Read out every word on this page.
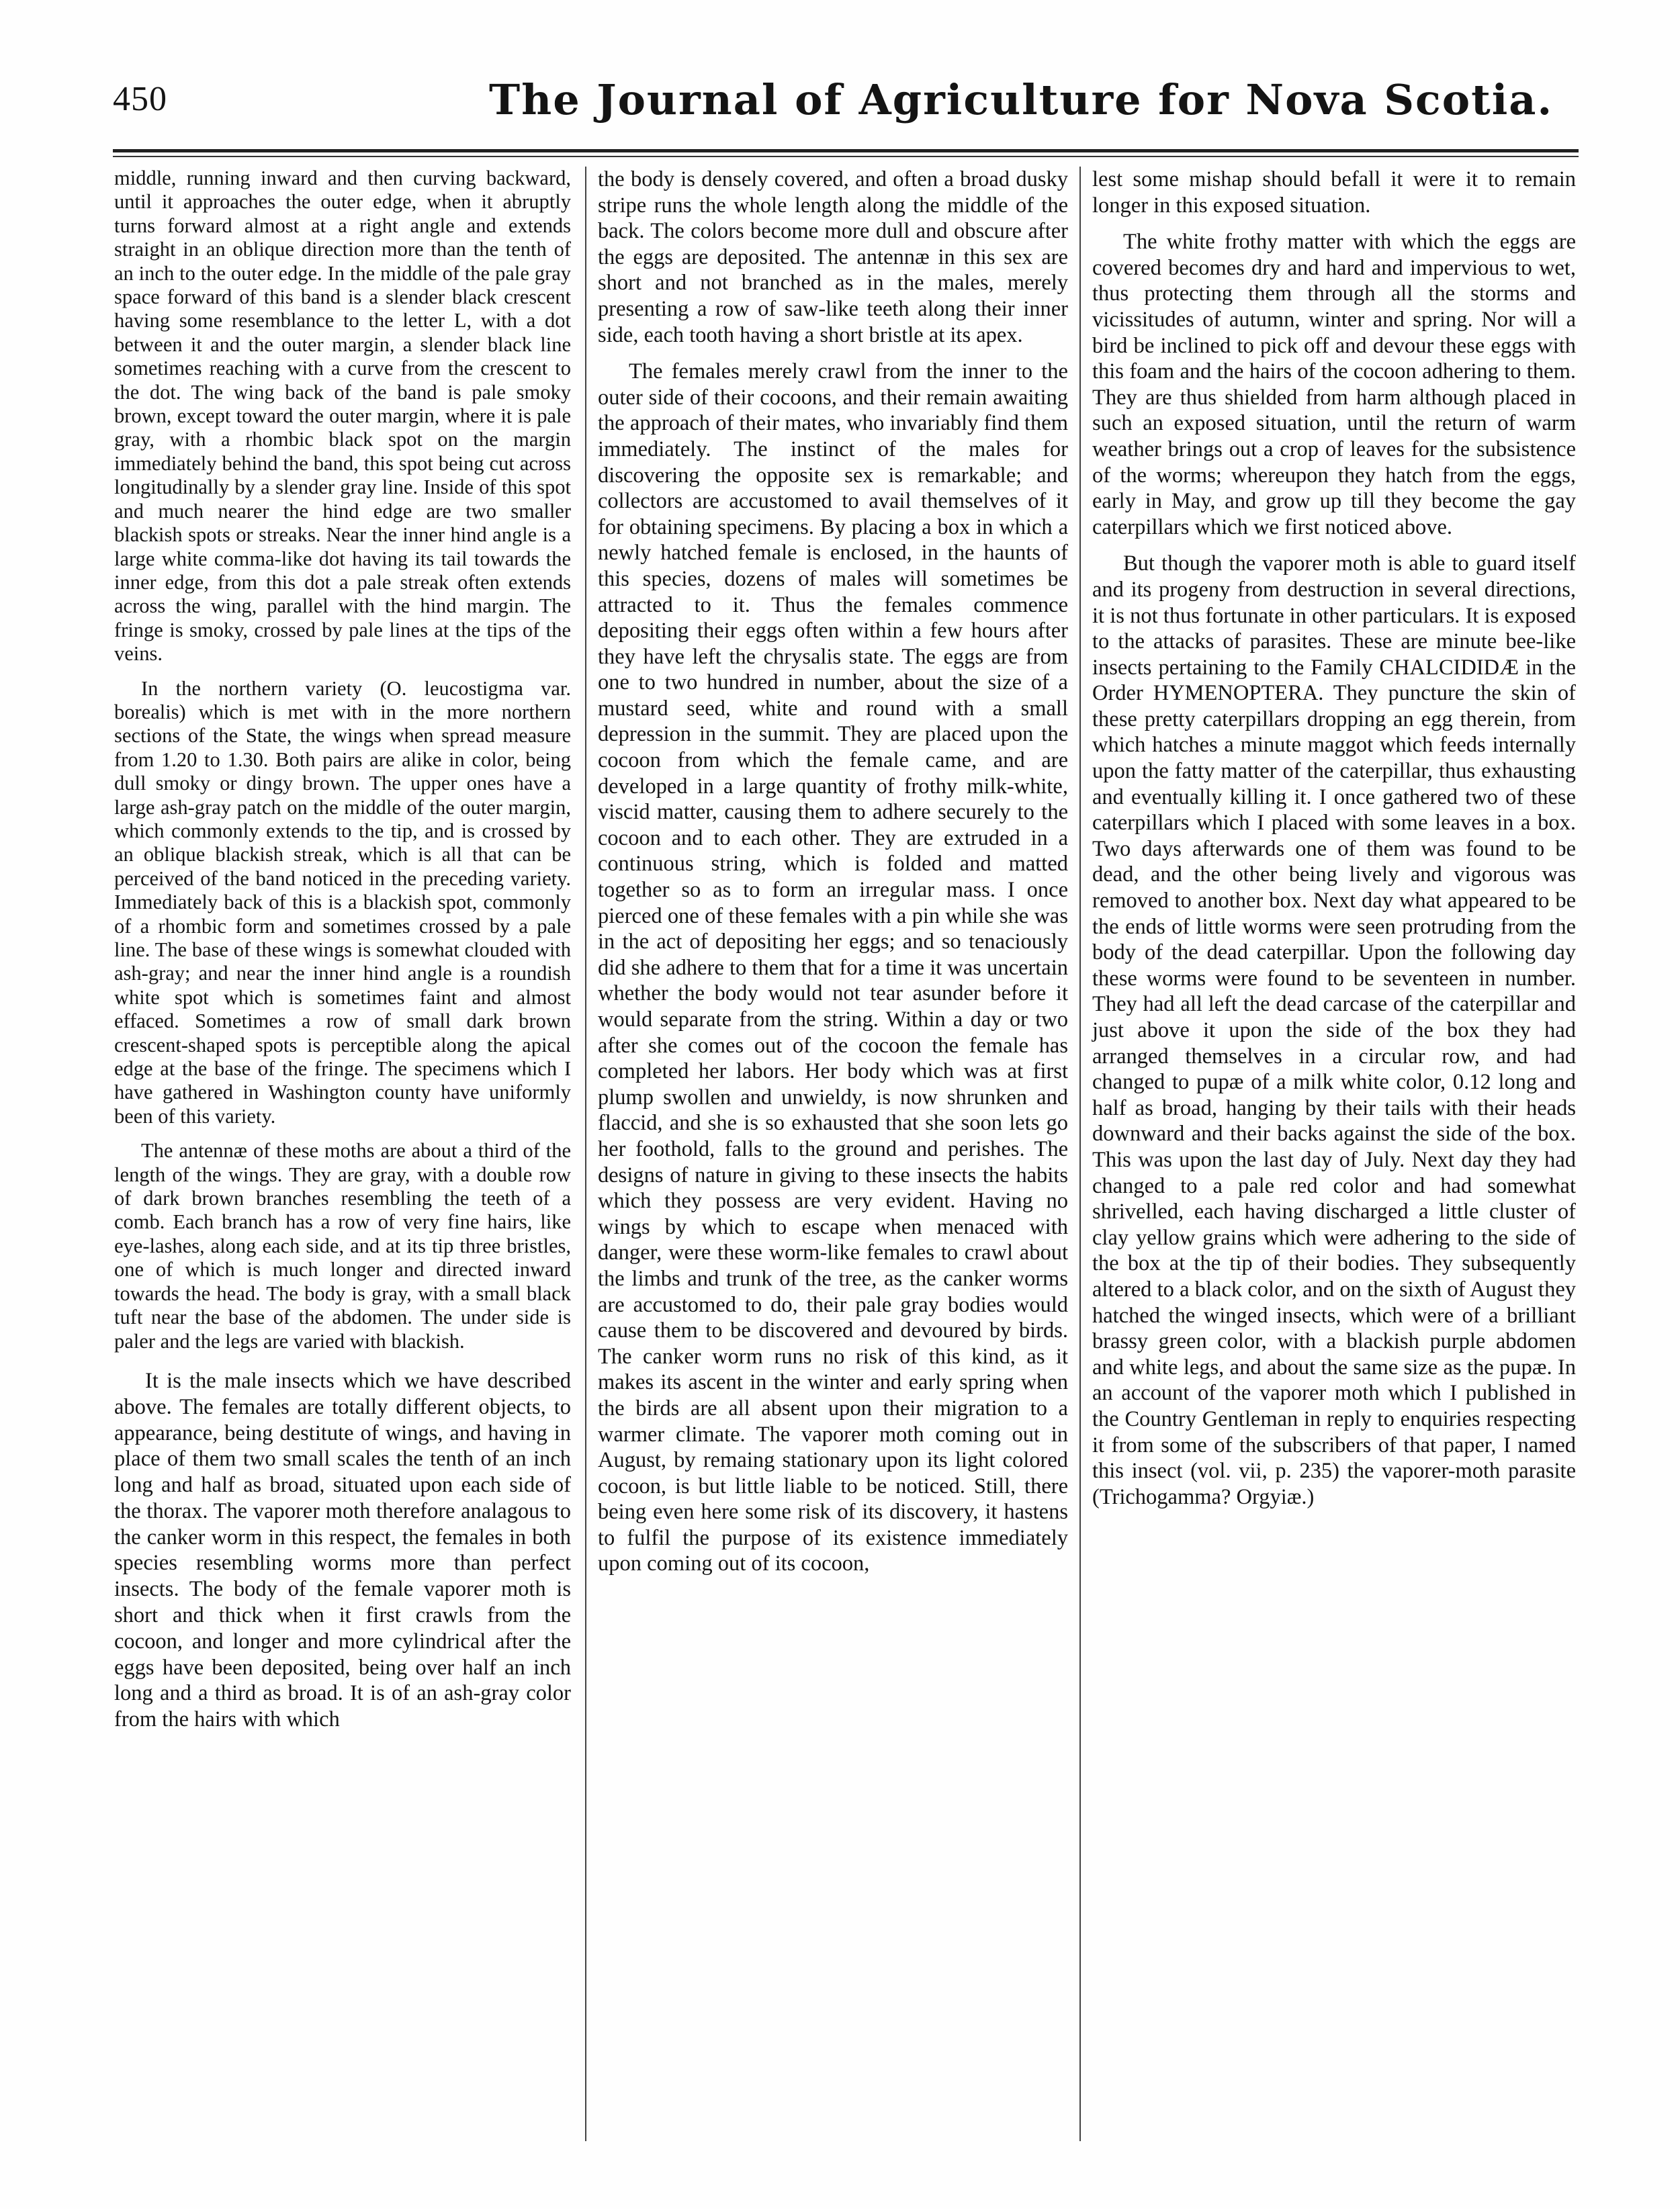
450	The Journal of Agriculture for Nova Scotia.

middle, running inward and then curving backward, until it approaches the outer edge, when it abruptly turns forward almost at a right angle and extends straight in an oblique direction more than the tenth of an inch to the outer edge. In the middle of the pale gray space forward of this band is a slender black crescent having some resemblance to the letter L, with a dot between it and the outer margin, a slender black line sometimes reaching with a curve from the crescent to the dot. The wing back of the band is pale smoky brown, except toward the outer margin, where it is pale gray, with a rhombic black spot on the margin immediately behind the band, this spot being cut across longitudinally by a slender gray line. Inside of this spot and much nearer the hind edge are two smaller blackish spots or streaks. Near the inner hind angle is a large white comma-like dot having its tail towards the inner edge, from this dot a pale streak often extends across the wing, parallel with the hind margin. The fringe is smoky, crossed by pale lines at the tips of the veins.

In the northern variety (O. leucostigma var. borealis) which is met with in the more northern sections of the State, the wings when spread measure from 1.20 to 1.30. Both pairs are alike in color, being dull smoky or dingy brown. The upper ones have a large ash-gray patch on the middle of the outer margin, which commonly extends to the tip, and is crossed by an oblique blackish streak, which is all that can be perceived of the band noticed in the preceding variety. Immediately back of this is a blackish spot, commonly of a rhombic form and sometimes crossed by a pale line. The base of these wings is somewhat clouded with ash-gray; and near the inner hind angle is a roundish white spot which is sometimes faint and almost effaced. Sometimes a row of small dark brown crescent-shaped spots is perceptible along the apical edge at the base of the fringe. The specimens which I have gathered in Washington county have uniformly been of this variety.

The antennæ of these moths are about a third of the length of the wings. They are gray, with a double row of dark brown branches resembling the teeth of a comb. Each branch has a row of very fine hairs, like eye-lashes, along each side, and at its tip three bristles, one of which is much longer and directed inward towards the head. The body is gray, with a small black tuft near the base of the abdomen. The under side is paler and the legs are varied with blackish.

It is the male insects which we have described above. The females are totally different objects, to appearance, being destitute of wings, and having in place of them two small scales the tenth of an inch long and half as broad, situated upon each side of the thorax. The vaporer moth therefore analagous to the canker worm in this respect, the females in both species resembling worms more than perfect insects. The body of the female vaporer moth is short and thick when it first crawls from the cocoon, and longer and more cylindrical after the eggs have been deposited, being over half an inch long and a third as broad. It is of an ash-gray color from the hairs with which

the body is densely covered, and often a broad dusky stripe runs the whole length along the middle of the back. The colors become more dull and obscure after the eggs are deposited. The antennæ in this sex are short and not branched as in the males, merely presenting a row of saw-like teeth along their inner side, each tooth having a short bristle at its apex.

The females merely crawl from the inner to the outer side of their cocoons, and their remain awaiting the approach of their mates, who invariably find them immediately. The instinct of the males for discovering the opposite sex is remarkable; and collectors are accustomed to avail themselves of it for obtaining specimens. By placing a box in which a newly hatched female is enclosed, in the haunts of this species, dozens of males will sometimes be attracted to it. Thus the females commence depositing their eggs often within a few hours after they have left the chrysalis state. The eggs are from one to two hundred in number, about the size of a mustard seed, white and round with a small depression in the summit. They are placed upon the cocoon from which the female came, and are developed in a large quantity of frothy milk-white, viscid matter, causing them to adhere securely to the cocoon and to each other. They are extruded in a continuous string, which is folded and matted together so as to form an irregular mass. I once pierced one of these females with a pin while she was in the act of depositing her eggs; and so tenaciously did she adhere to them that for a time it was uncertain whether the body would not tear asunder before it would separate from the string. Within a day or two after she comes out of the cocoon the female has completed her labors. Her body which was at first plump swollen and unwieldy, is now shrunken and flaccid, and she is so exhausted that she soon lets go her foothold, falls to the ground and perishes. The designs of nature in giving to these insects the habits which they possess are very evident. Having no wings by which to escape when menaced with danger, were these worm-like females to crawl about the limbs and trunk of the tree, as the canker worms are accustomed to do, their pale gray bodies would cause them to be discovered and devoured by birds. The canker worm runs no risk of this kind, as it makes its ascent in the winter and early spring when the birds are all absent upon their migration to a warmer climate. The vaporer moth coming out in August, by remaing stationary upon its light colored cocoon, is but little liable to be noticed. Still, there being even here some risk of its discovery, it hastens to fulfil the purpose of its existence immediately upon coming out of its cocoon,

lest some mishap should befall it were it to remain longer in this exposed situation.

The white frothy matter with which the eggs are covered becomes dry and hard and impervious to wet, thus protecting them through all the storms and vicissitudes of autumn, winter and spring. Nor will a bird be inclined to pick off and devour these eggs with this foam and the hairs of the cocoon adhering to them. They are thus shielded from harm although placed in such an exposed situation, until the return of warm weather brings out a crop of leaves for the subsistence of the worms; whereupon they hatch from the eggs, early in May, and grow up till they become the gay caterpillars which we first noticed above.

But though the vaporer moth is able to guard itself and its progeny from destruction in several directions, it is not thus fortunate in other particulars. It is exposed to the attacks of parasites. These are minute bee-like insects pertaining to the Family CHALCIDIDÆ in the Order HYMENOPTERA. They puncture the skin of these pretty caterpillars dropping an egg therein, from which hatches a minute maggot which feeds internally upon the fatty matter of the caterpillar, thus exhausting and eventually killing it. I once gathered two of these caterpillars which I placed with some leaves in a box. Two days afterwards one of them was found to be dead, and the other being lively and vigorous was removed to another box. Next day what appeared to be the ends of little worms were seen protruding from the body of the dead caterpillar. Upon the following day these worms were found to be seventeen in number. They had all left the dead carcase of the caterpillar and just above it upon the side of the box they had arranged themselves in a circular row, and had changed to pupæ of a milk white color, 0.12 long and half as broad, hanging by their tails with their heads downward and their backs against the side of the box. This was upon the last day of July. Next day they had changed to a pale red color and had somewhat shrivelled, each having discharged a little cluster of clay yellow grains which were adhering to the side of the box at the tip of their bodies. They subsequently altered to a black color, and on the sixth of August they hatched the winged insects, which were of a brilliant brassy green color, with a blackish purple abdomen and white legs, and about the same size as the pupæ. In an account of the vaporer moth which I published in the Country Gentleman in reply to enquiries respecting it from some of the subscribers of that paper, I named this insect (vol. vii, p. 235) the vaporer-moth parasite (Trichogamma? Orgyiæ.)
